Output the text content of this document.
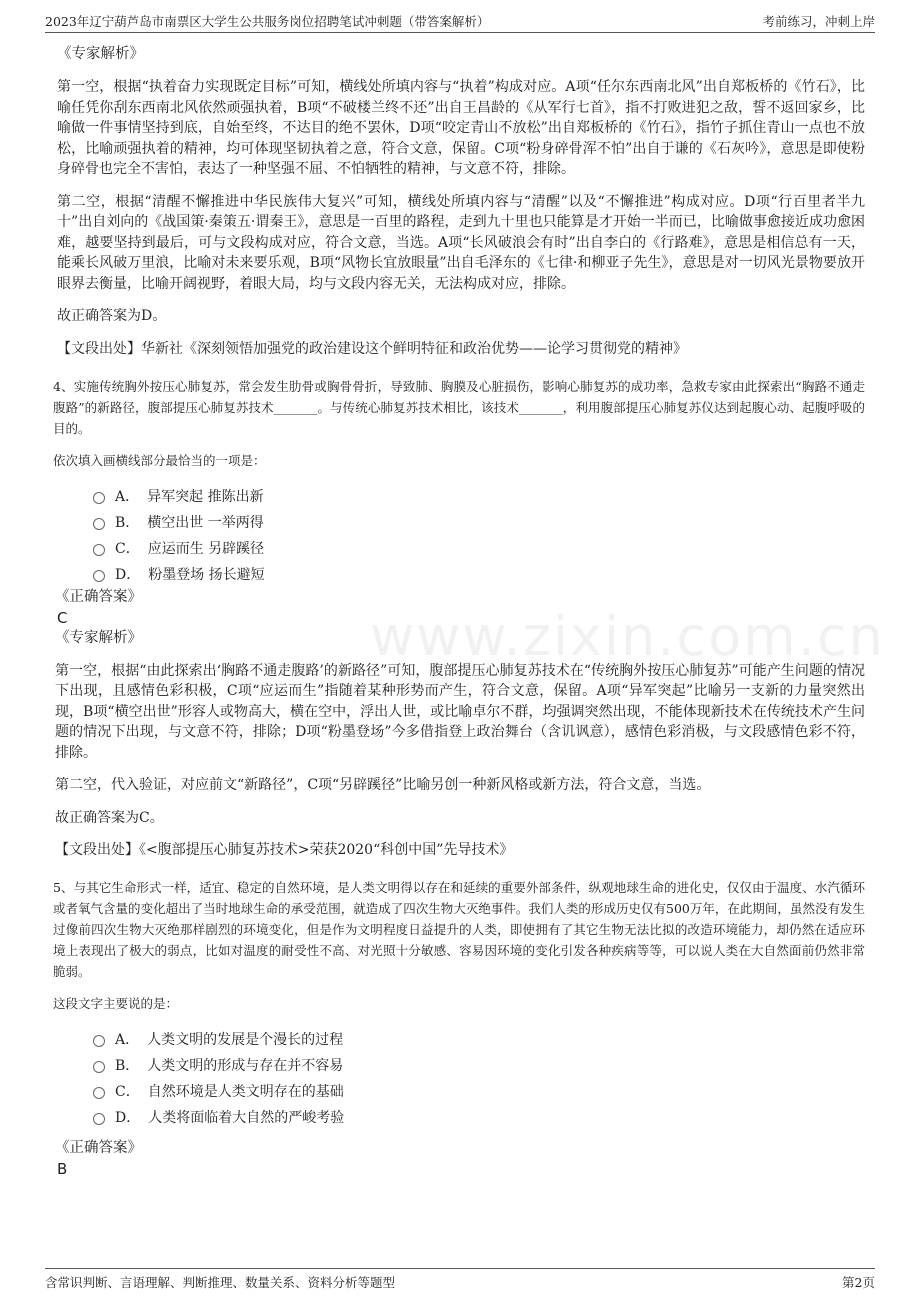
2023年辽宁葫芦岛市南票区大学生公共服务岗位招聘笔试冲刺题（带答案解析）	考前练习，冲刺上岸
www.zixin.com.cn
《专家解析》

第一空，根据“执着奋力实现既定目标”可知，横线处所填内容与“执着”构成对应。A项“任尔东西南北风”出自郑板桥的《竹石》，比喻任凭你刮东西南北风依然顽强执着，B项“不破楼兰终不还”出自王昌龄的《从军行七首》，指不打败进犯之敌，誓不返回家乡，比喻做一件事情坚持到底，自始至终，不达目的绝不罢休，D项“咬定青山不放松”出自郑板桥的《竹石》，指竹子抓住青山一点也不放松，比喻顽强执着的精神，均可体现坚韧执着之意，符合文意，保留。C项“粉身碎骨浑不怕”出自于谦的《石灰吟》，意思是即使粉身碎骨也完全不害怕，表达了一种坚强不屈、不怕牺牲的精神，与文意不符，排除。

第二空，根据“清醒不懈推进中华民族伟大复兴”可知，横线处所填内容与“清醒”以及“不懈推进”构成对应。D项“行百里者半九十”出自刘向的《战国策·秦策五·谓秦王》，意思是一百里的路程，走到九十里也只能算是才开始一半而已，比喻做事愈接近成功愈困难，越要坚持到最后，可与文段构成对应，符合文意，当选。A项“长风破浪会有时”出自李白的《行路难》，意思是相信总有一天，能乘长风破万里浪，比喻对未来要乐观，B项“风物长宜放眼量”出自毛泽东的《七律·和柳亚子先生》，意思是对一切风光景物要放开眼界去衡量，比喻开阔视野，着眼大局，均与文段内容无关，无法构成对应，排除。

故正确答案为D。

【文段出处】华新社《深刻领悟加强党的政治建设这个鲜明特征和政治优势——论学习贯彻党的精神》
4、实施传统胸外按压心肺复苏，常会发生肋骨或胸骨骨折，导致肺、胸膜及心脏损伤，影响心肺复苏的成功率，急救专家由此探索出“胸路不通走腹路”的新路径，腹部提压心肺复苏技术_______。与传统心肺复苏技术相比，该技术_______，利用腹部提压心肺复苏仪达到起腹心动、起腹呼吸的目的。
依次填入画横线部分最恰当的一项是：
A． 异军突起 推陈出新
B． 横空出世 一举两得
C． 应运而生 另辟蹊径
D． 粉墨登场 扬长避短
《正确答案》
C
《专家解析》

第一空，根据“由此探索出‘胸路不通走腹路’的新路径”可知，腹部提压心肺复苏技术在“传统胸外按压心肺复苏”可能产生问题的情况下出现，且感情色彩积极，C项“应运而生”指随着某种形势而产生，符合文意，保留。A项“异军突起”比喻另一支新的力量突然出现，B项“横空出世”形容人或物高大，横在空中，浮出人世，或比喻卓尔不群，均强调突然出现，不能体现新技术在传统技术产生问题的情况下出现，与文意不符，排除；D项“粉墨登场”今多借指登上政治舞台（含讥讽意），感情色彩消极，与文段感情色彩不符，排除。

第二空，代入验证，对应前文“新路径”，C项“另辟蹊径”比喻另创一种新风格或新方法，符合文意，当选。

故正确答案为C。

【文段出处】《<腹部提压心肺复苏技术>荣获2020“科创中国”先导技术》
5、与其它生命形式一样，适宜、稳定的自然环境，是人类文明得以存在和延续的重要外部条件，纵观地球生命的进化史，仅仅由于温度、水汽循环或者氧气含量的变化超出了当时地球生命的承受范围，就造成了四次生物大灭绝事件。我们人类的形成历史仅有500万年，在此期间，虽然没有发生过像前四次生物大灭绝那样剧烈的环境变化，但是作为文明程度日益提升的人类，即使拥有了其它生物无法比拟的改造环境能力，却仍然在适应环境上表现出了极大的弱点，比如对温度的耐受性不高、对光照十分敏感、容易因环境的变化引发各种疾病等等，可以说人类在大自然面前仍然非常脆弱。
这段文字主要说的是：
A． 人类文明的发展是个漫长的过程
B． 人类文明的形成与存在并不容易
C． 自然环境是人类文明存在的基础
D． 人类将面临着大自然的严峻考验
《正确答案》
B
含常识判断、言语理解、判断推理、数量关系、资料分析等题型	第2页
